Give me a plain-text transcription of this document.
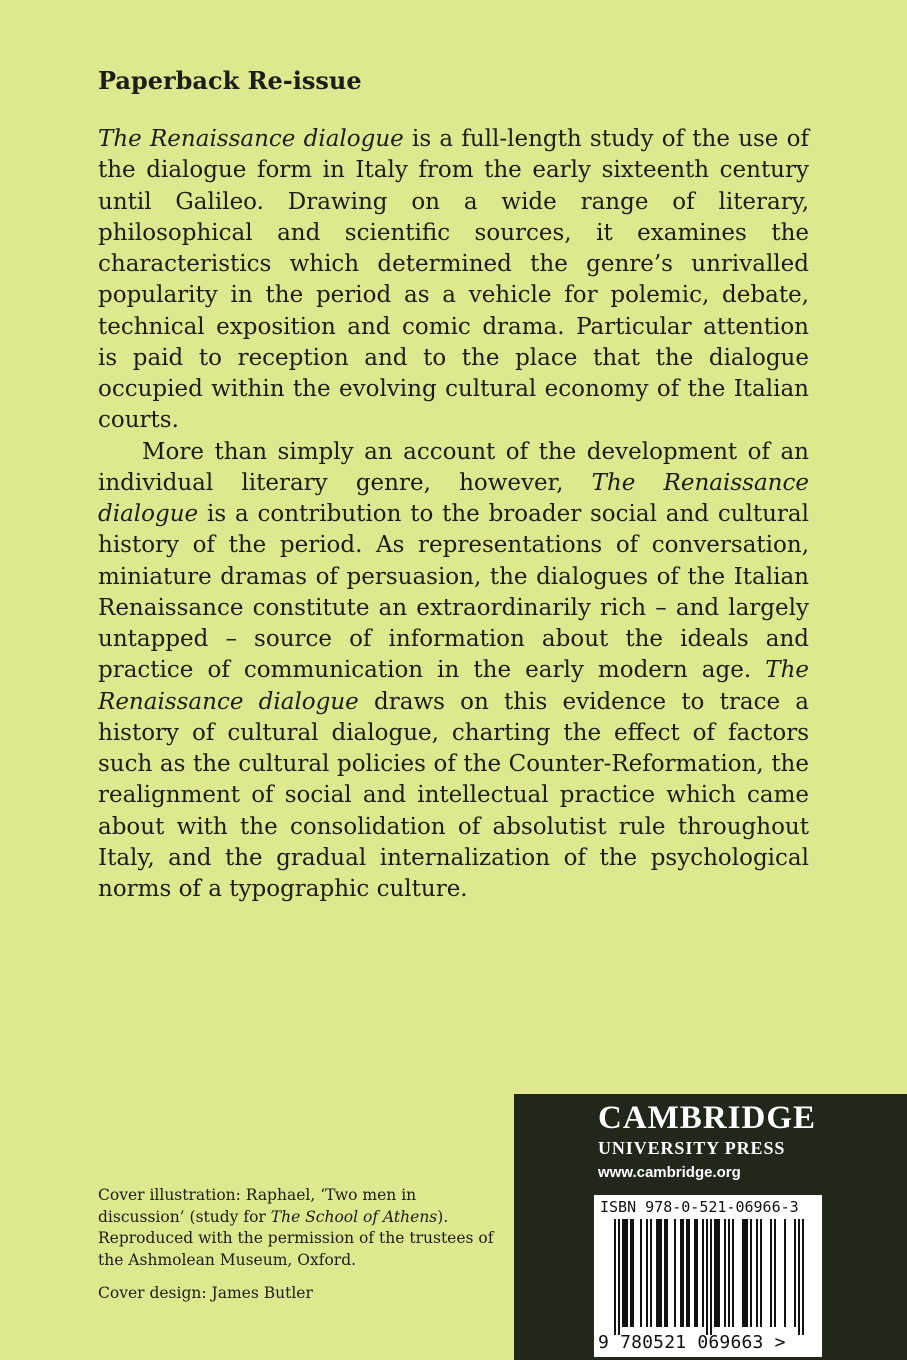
Paperback Re-issue

The Renaissance dialogue is a full-length study of the use of the dialogue form in Italy from the early sixteenth century until Galileo. Drawing on a wide range of literary, philosophical and scientific sources, it examines the characteristics which determined the genre’s unrivalled popularity in the period as a vehicle for polemic, debate, technical exposition and comic drama. Particular attention is paid to reception and to the place that the dialogue occupied within the evolving cultural economy of the Italian courts.

More than simply an account of the development of an individual literary genre, however, The Renaissance dialogue is a contribution to the broader social and cultural history of the period. As representations of conversation, miniature dramas of persuasion, the dialogues of the Italian Renaissance constitute an extraordinarily rich – and largely untapped – source of information about the ideals and practice of communication in the early modern age. The Renaissance dialogue draws on this evidence to trace a history of cultural dialogue, charting the effect of factors such as the cultural policies of the Counter-Reformation, the realignment of social and intellectual practice which came about with the consolidation of absolutist rule throughout Italy, and the gradual internalization of the psychological norms of a typographic culture.

Cover illustration: Raphael, ‘Two men in discussion’ (study for The School of Athens). Reproduced with the permission of the trustees of the Ashmolean Museum, Oxford.
Cover design: James Butler
CAMBRIDGE
UNIVERSITY PRESS
www.cambridge.org
ISBN 978-0-521-06966-3
9 780521 069663 >
